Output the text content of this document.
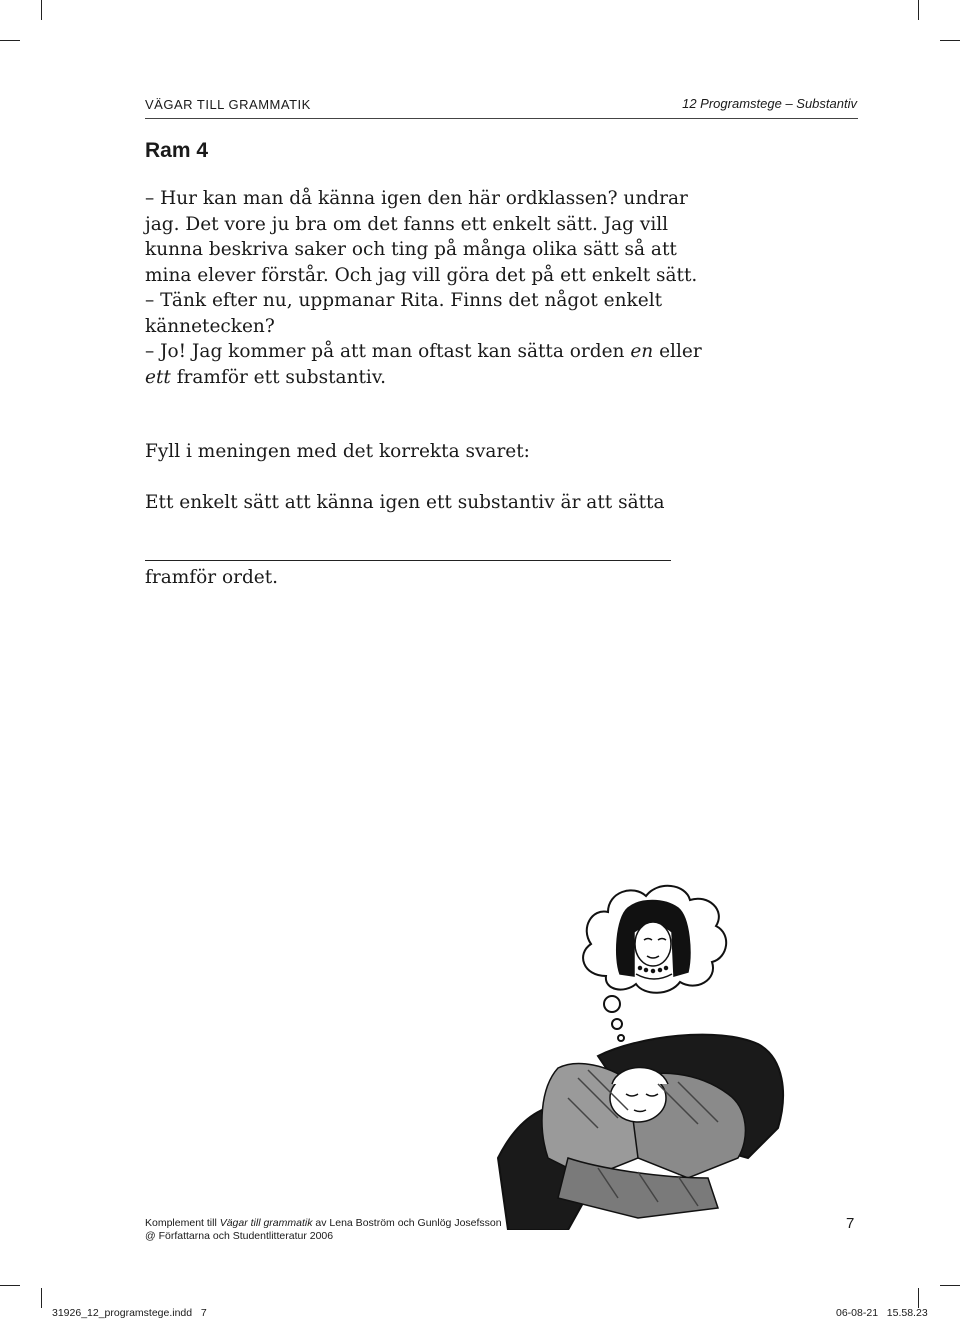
VÄGAR TILL GRAMMATIK	12 Programstege – Substantiv
Ram 4

– Hur kan man då känna igen den här ordklassen? undrar jag. Det vore ju bra om det fanns ett enkelt sätt. Jag vill kunna beskriva saker och ting på många olika sätt så att mina elever förstår. Och jag vill göra det på ett enkelt sätt.

– Tänk efter nu, uppmanar Rita. Finns det något enkelt kännetecken?

– Jo! Jag kommer på att man oftast kan sätta orden en eller ett framför ett substantiv.

Fyll i meningen med det korrekta svaret:
Ett enkelt sätt att känna igen ett substantiv är att sätta
framför ordet.
Komplement till Vägar till grammatik av Lena Boström och Gunlög Josefsson
@ Författarna och Studentlitteratur 2006
7
31926_12_programstege.indd   7	06-08-21   15.58.23
